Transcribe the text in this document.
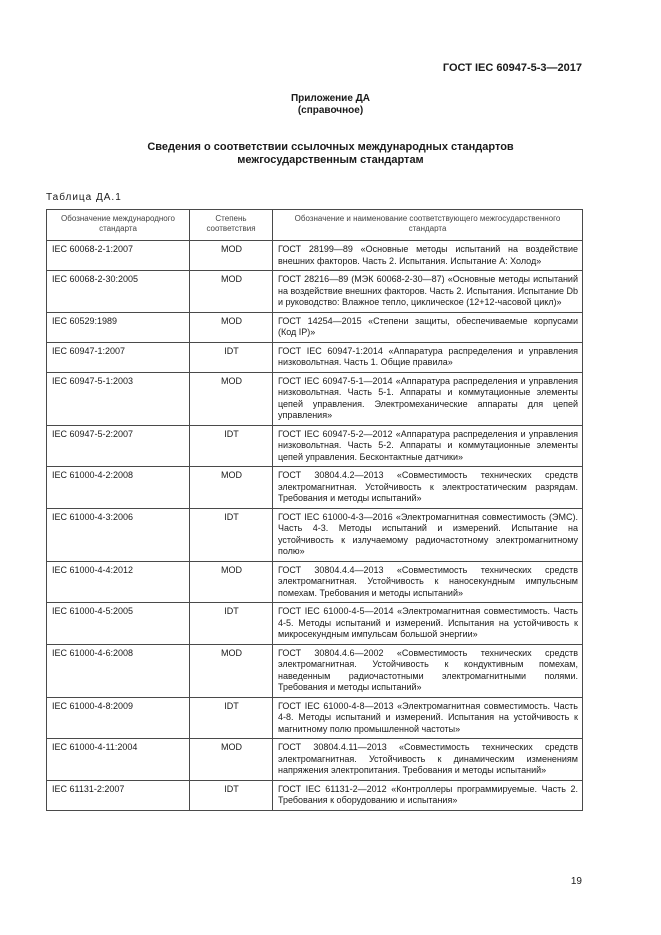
ГОСТ IEC 60947-5-3—2017
Приложение ДА
(справочное)
Сведения о соответствии ссылочных международных стандартов
межгосударственным стандартам
Таблица ДА.1
Обозначение международного стандарта	Степень соответствия	Обозначение и наименование соответствующего межгосударственного стандарта
IEC 60068-2-1:2007	MOD	ГОСТ 28199—89 «Основные методы испытаний на воздействие внешних факторов. Часть 2. Испытания. Испытание А: Холод»
IEC 60068-2-30:2005	MOD	ГОСТ 28216—89 (МЭК 60068-2-30—87) «Основные методы испытаний на воздействие внешних факторов. Часть 2. Испытания. Испытание Db и руководство: Влажное тепло, циклическое (12+12-часовой цикл)»
IEC 60529:1989	MOD	ГОСТ 14254—2015 «Степени защиты, обеспечиваемые корпусами (Код IP)»
IEC 60947-1:2007	IDT	ГОСТ IEC 60947-1:2014 «Аппаратура распределения и управления низковольтная. Часть 1. Общие правила»
IEC 60947-5-1:2003	MOD	ГОСТ IEC 60947-5-1—2014 «Аппаратура распределения и управления низковольтная. Часть 5-1. Аппараты и коммутационные элементы цепей управления. Электромеханические аппараты для цепей управления»
IEC 60947-5-2:2007	IDT	ГОСТ IEC 60947-5-2—2012 «Аппаратура распределения и управления низковольтная. Часть 5-2. Аппараты и коммутационные элементы цепей управления. Бесконтактные датчики»
IEC 61000-4-2:2008	MOD	ГОСТ 30804.4.2—2013 «Совместимость технических средств электромагнитная. Устойчивость к электростатическим разрядам. Требования и методы испытаний»
IEC 61000-4-3:2006	IDT	ГОСТ IEC 61000-4-3—2016 «Электромагнитная совместимость (ЭМС). Часть 4-3. Методы испытаний и измерений. Испытание на устойчивость к излучаемому радиочастотному электромагнитному полю»
IEC 61000-4-4:2012	MOD	ГОСТ 30804.4.4—2013 «Совместимость технических средств электромагнитная. Устойчивость к наносекундным импульсным помехам. Требования и методы испытаний»
IEC 61000-4-5:2005	IDT	ГОСТ IEC 61000-4-5—2014 «Электромагнитная совместимость. Часть 4-5. Методы испытаний и измерений. Испытания на устойчивость к микросекундным импульсам большой энергии»
IEC 61000-4-6:2008	MOD	ГОСТ 30804.4.6—2002 «Совместимость технических средств электромагнитная. Устойчивость к кондуктивным помехам, наведенным радиочастотными электромагнитными полями. Требования и методы испытаний»
IEC 61000-4-8:2009	IDT	ГОСТ IEC 61000-4-8—2013 «Электромагнитная совместимость. Часть 4-8. Методы испытаний и измерений. Испытания на устойчивость к магнитному полю промышленной частоты»
IEC 61000-4-11:2004	MOD	ГОСТ 30804.4.11—2013 «Совместимость технических средств электромагнитная. Устойчивость к динамическим изменениям напряжения электропитания. Требования и методы испытаний»
IEC 61131-2:2007	IDT	ГОСТ IEC 61131-2—2012 «Контроллеры программируемые. Часть 2. Требования к оборудованию и испытания»
19
